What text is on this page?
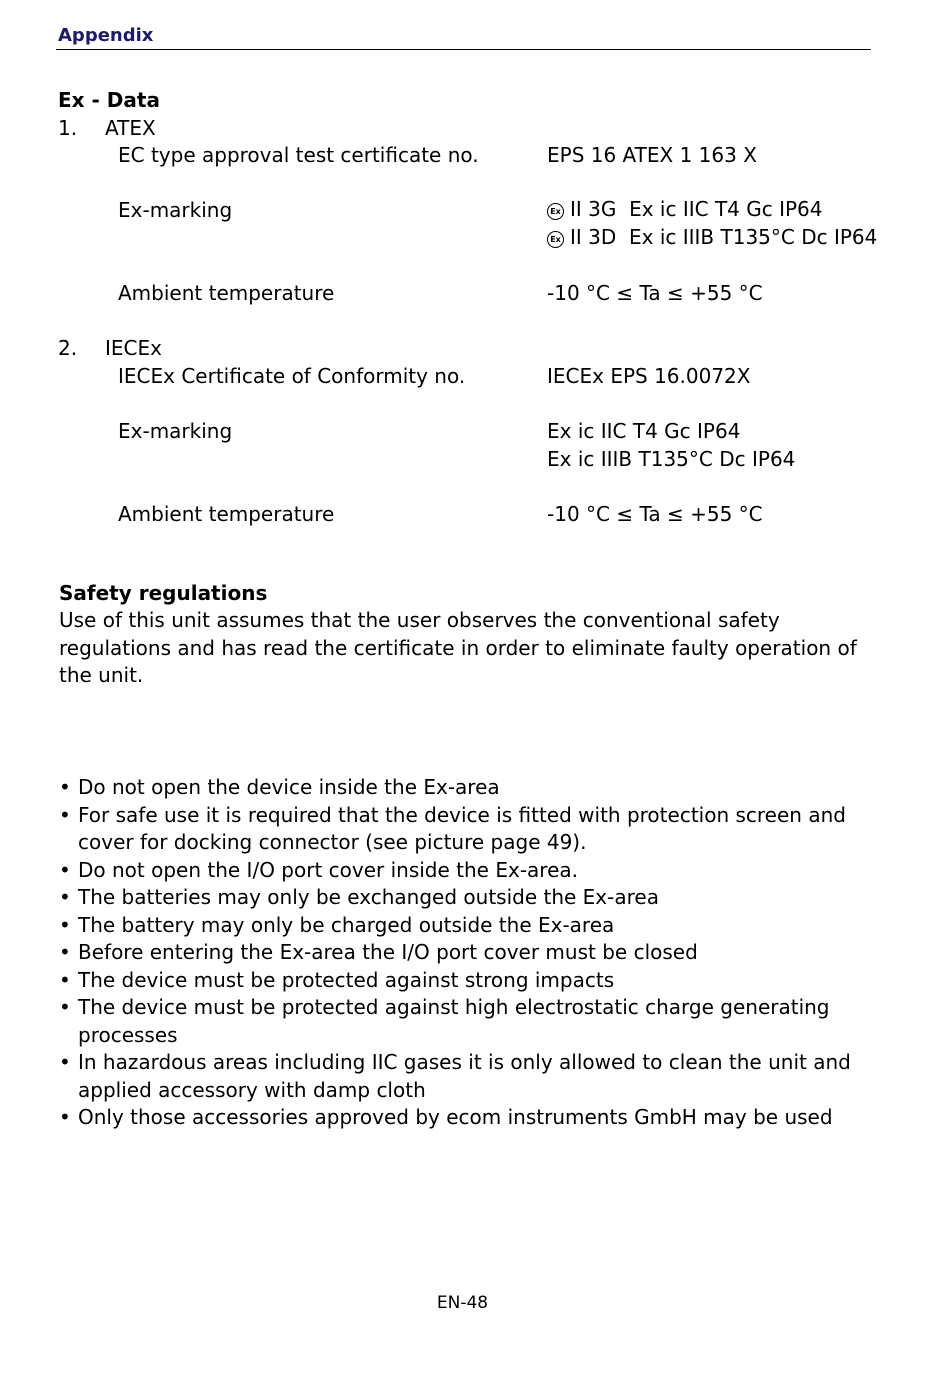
Appendix
Ex - Data
1. ATEX
EC type approval test certificate no.	EPS 16 ATEX 1 163 X
Ex-marking	Ex II 3G  Ex ic IIC T4 Gc IP64
Ex II 3D  Ex ic IIIB T135°C Dc IP64
Ambient temperature	-10 °C ≤ Ta ≤ +55 °C
2. IECEx
IECEx Certificate of Conformity no.	IECEx EPS 16.0072X
Ex-marking	Ex ic IIC T4 Gc IP64
Ex ic IIIB T135°C Dc IP64
Ambient temperature	-10 °C ≤ Ta ≤ +55 °C
Safety regulations
Use of this unit assumes that the user observes the conventional safety regulations and has read the certificate in order to eliminate faulty operation of the unit.
• Do not open the device inside the Ex-area
• For safe use it is required that the device is fitted with protection screen and cover for docking connector (see picture page 49).
• Do not open the I/O port cover inside the Ex-area.
• The batteries may only be exchanged outside the Ex-area
• The battery may only be charged outside the Ex-area
• Before entering the Ex-area the I/O port cover must be closed
• The device must be protected against strong impacts
• The device must be protected against high electrostatic charge generating processes
• In hazardous areas including IIC gases it is only allowed to clean the unit and applied accessory with damp cloth
• Only those accessories approved by ecom instruments GmbH may be used
EN-48
